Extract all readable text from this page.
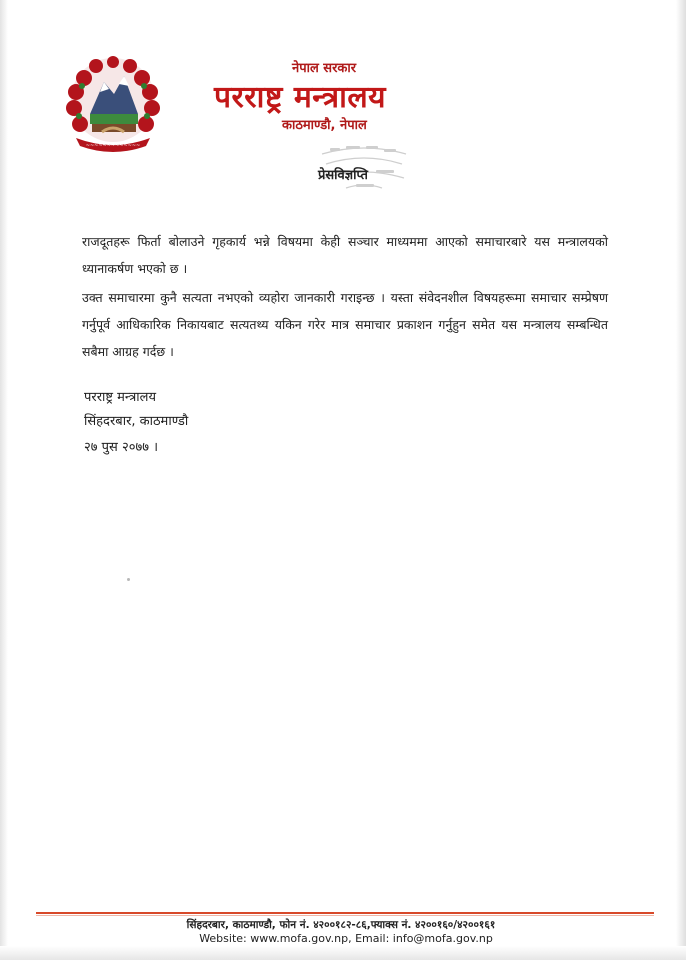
~~~~~~~~~~~~~
नेपाल सरकार
परराष्ट्र मन्त्रालय
काठमाण्डौ, नेपाल
प्रेसविज्ञप्ति
राजदूतहरू फिर्ता बोलाउने गृहकार्य भन्ने विषयमा केही सञ्चार माध्यममा आएको समाचारबारे यस मन्त्रालयको ध्यानाकर्षण भएको छ ।
उक्त समाचारमा कुनै सत्यता नभएको व्यहोरा जानकारी गराइन्छ । यस्ता संवेदनशील विषयहरूमा समाचार सम्प्रेषण गर्नुपूर्व आधिकारिक निकायबाट सत्यतथ्य यकिन गरेर मात्र समाचार प्रकाशन गर्नुहुन समेत यस मन्त्रालय सम्बन्धित सबैमा आग्रह गर्दछ ।
परराष्ट्र मन्त्रालय
सिंहदरबार, काठमाण्डौ
२७ पुस २०७७ ।
सिंहदरबार, काठमाण्डौ, फोन नं. ४२००१८२-८६,फ्याक्स नं. ४२००१६०/४२००१६१
Website: www.mofa.gov.np, Email: info@mofa.gov.np
